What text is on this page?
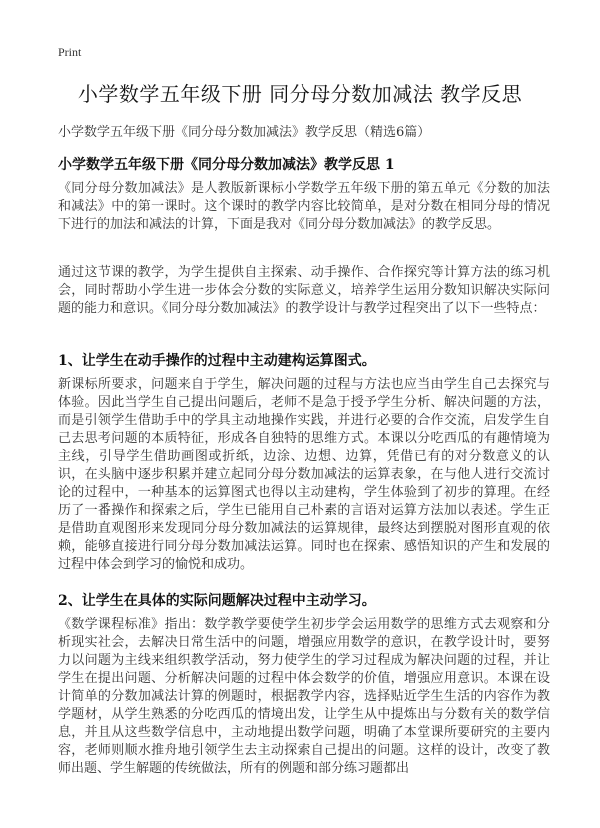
Print
小学数学五年级下册 同分母分数加减法 教学反思
小学数学五年级下册《同分母分数加减法》教学反思（精选6篇）
小学数学五年级下册《同分母分数加减法》教学反思 1
《同分母分数加减法》是人教版新课标小学数学五年级下册的第五单元《分数的加法和减法》中的第一课时。这个课时的教学内容比较简单，是对分数在相同分母的情况下进行的加法和减法的计算，下面是我对《同分母分数加减法》的教学反思。
通过这节课的教学，为学生提供自主探索、动手操作、合作探究等计算方法的练习机会，同时帮助小学生进一步体会分数的实际意义，培养学生运用分数知识解决实际问题的能力和意识。《同分母分数加减法》的教学设计与教学过程突出了以下一些特点：
1、让学生在动手操作的过程中主动建构运算图式。
新课标所要求，问题来自于学生，解决问题的过程与方法也应当由学生自己去探究与体验。因此当学生自己提出问题后，老师不是急于授予学生分析、解决问题的方法，而是引领学生借助手中的学具主动地操作实践，并进行必要的合作交流，启发学生自己去思考问题的本质特征，形成各自独特的思维方式。本课以分吃西瓜的有趣情境为主线，引导学生借助画图或折纸，边涂、边想、边算，凭借已有的对分数意义的认识，在头脑中逐步积累并建立起同分母分数加减法的运算表象，在与他人进行交流讨论的过程中，一种基本的运算图式也得以主动建构，学生体验到了初步的算理。在经历了一番操作和探索之后，学生已能用自己朴素的言语对运算方法加以表述。学生正是借助直观图形来发现同分母分数加减法的运算规律，最终达到摆脱对图形直观的依赖，能够直接进行同分母分数加减法运算。同时也在探索、感悟知识的产生和发展的过程中体会到学习的愉悦和成功。
2、让学生在具体的实际问题解决过程中主动学习。
《数学课程标准》指出：数学教学要使学生初步学会运用数学的思维方式去观察和分析现实社会，去解决日常生活中的问题，增强应用数学的意识，在教学设计时，要努力以问题为主线来组织教学活动，努力使学生的学习过程成为解决问题的过程，并让学生在提出问题、分析解决问题的过程中体会数学的价值，增强应用意识。本课在设计简单的分数加减法计算的例题时，根据教学内容，选择贴近学生生活的内容作为教学题材，从学生熟悉的分吃西瓜的情境出发，让学生从中提炼出与分数有关的数学信息，并且从这些数学信息中，主动地提出数学问题，明确了本堂课所要研究的主要内容，老师则顺水推舟地引领学生去主动探索自己提出的问题。这样的设计，改变了教师出题、学生解题的传统做法，所有的例题和部分练习题都出
